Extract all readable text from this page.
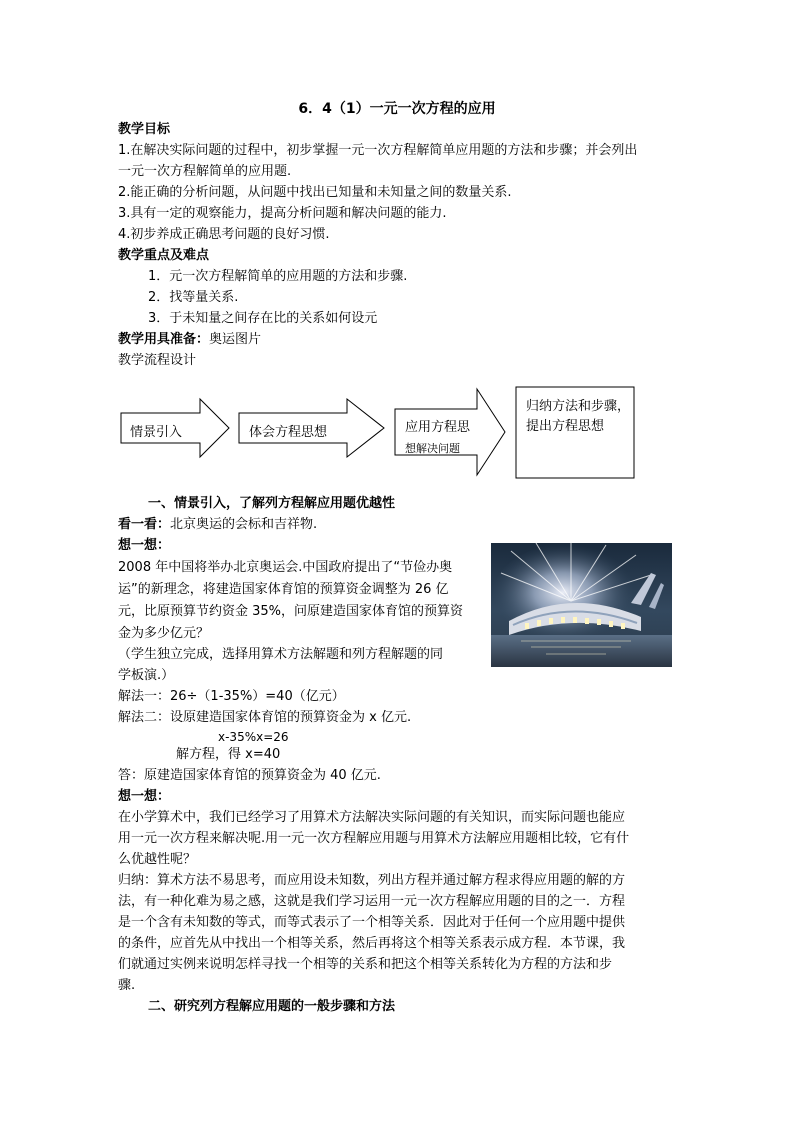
6．4（1）一元一次方程的应用
教学目标
1.在解决实际问题的过程中，初步掌握一元一次方程解简单应用题的方法和步骤；并会列出
一元一次方程解简单的应用题.
2.能正确的分析问题，从问题中找出已知量和未知量之间的数量关系.
3.具有一定的观察能力，提高分析问题和解决问题的能力.
4.初步养成正确思考问题的良好习惯.
教学重点及难点
1．元一次方程解简单的应用题的方法和步骤.
2．找等量关系.
3．于未知量之间存在比的关系如何设元
教学用具准备：奥运图片
教学流程设计
情景引入	体会方程思想	应用方程思
想解决问题
归纳方法和步骤，
提出方程思想
一、情景引入，了解列方程解应用题优越性
看一看：北京奥运的会标和吉祥物.
想一想：
2008 年中国将举办北京奥运会.中国政府提出了“节俭办奥
运”的新理念，将建造国家体育馆的预算资金调整为 26 亿
元，比原预算节约资金 35%，问原建造国家体育馆的预算资
金为多少亿元？
（学生独立完成，选择用算术方法解题和列方程解题的同
学板演.）
解法一：26÷（1-35%）=40（亿元）
解法二：设原建造国家体育馆的预算资金为 x 亿元.
x-35%x=26
解方程，得 x=40
答：原建造国家体育馆的预算资金为 40 亿元.
想一想：
在小学算术中，我们已经学习了用算术方法解决实际问题的有关知识，而实际问题也能应
用一元一次方程来解决呢.用一元一次方程解应用题与用算术方法解应用题相比较，它有什
么优越性呢？
归纳：算术方法不易思考，而应用设未知数，列出方程并通过解方程求得应用题的解的方
法，有一种化难为易之感，这就是我们学习运用一元一次方程解应用题的目的之一．方程
是一个含有未知数的等式，而等式表示了一个相等关系．因此对于任何一个应用题中提供
的条件，应首先从中找出一个相等关系，然后再将这个相等关系表示成方程．本节课，我
们就通过实例来说明怎样寻找一个相等的关系和把这个相等关系转化为方程的方法和步
骤.
二、研究列方程解应用题的一般步骤和方法
